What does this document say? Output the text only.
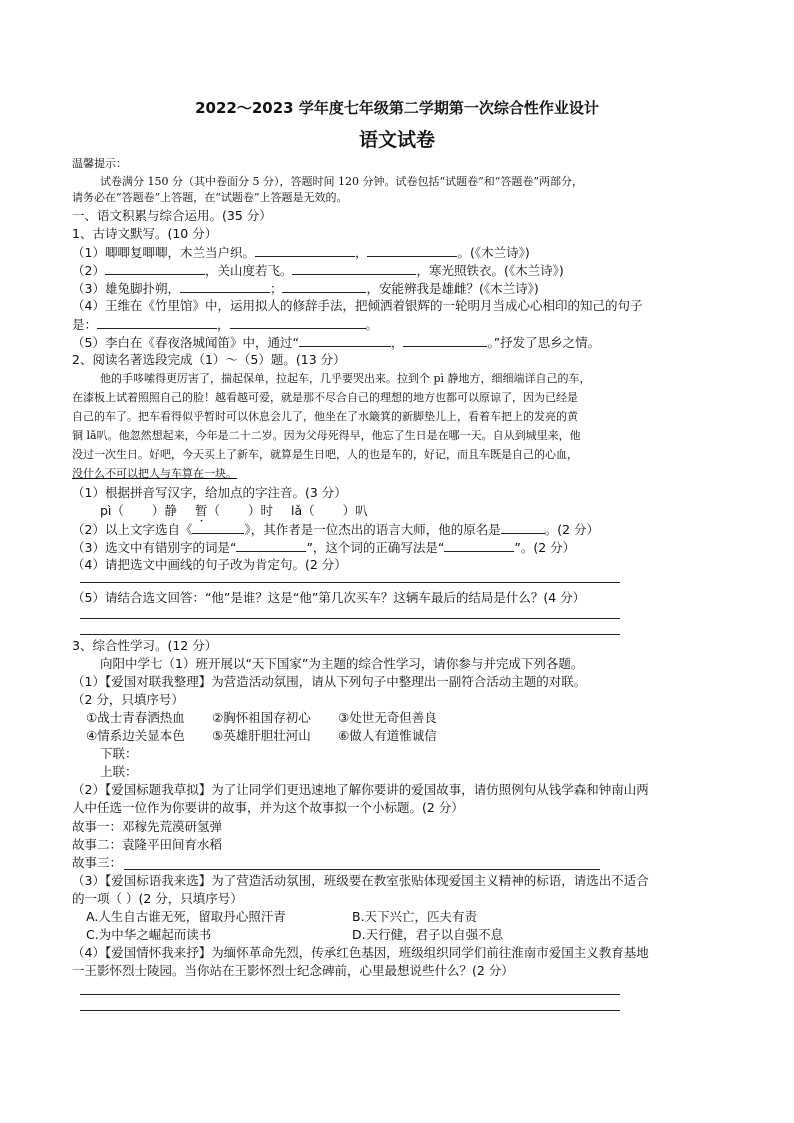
2022～2023 学年度七年级第二学期第一次综合性作业设计
语文试卷
温馨提示：
试卷满分 150 分（其中卷面分 5 分），答题时间 120 分钟。试卷包括“试题卷”和“答题卷”两部分，
请务必在“答题卷”上答题，在“试题卷”上答题是无效的。
一、语文积累与综合运用。(35 分）
1、古诗文默写。(10 分）
（1）唧唧复唧唧，木兰当户织。	，	。(《木兰诗》)
（2）	，关山度若飞。	，寒光照铁衣。(《木兰诗》)
（3）雄兔脚扑朔，	；	，安能辨我是雄雌？(《木兰诗》)
（4）王维在《竹里馆》中，运用拟人的修辞手法，把倾洒着银辉的一轮明月当成心心相印的知己的句子
是：	，	。
（5）李白在《春夜洛城闻笛》中，通过“	，	。”抒发了思乡之情。
2、阅读名著选段完成（1）～（5）题。(13 分）
他的手哆嗦得更厉害了，揣起保单，拉起车，几乎要哭出来。拉到个 pì 静地方，细细端详自己的车，
在漆板上试着照照自己的脸！越看越可爱，就是那不尽合自己的理想的地方也都可以原谅了，因为已经是
自己的车了。把车看得似乎暂时可以休息会儿了，他坐在了水簸箕的新脚垫儿上，看着车把上的发亮的黄
铜 lǎ叭。他忽然想起来，今年是二十二岁。因为父母死得早，他忘了生日是在哪一天。自从到城里来，他
没过一次生日。好吧，今天买上了新车，就算是生日吧，人的也是车的，好记，而且车既是自己的心血，
没什么不可以把人与车算在一块。
（1）根据拼音写汉字，给加点的字注音。(3 分）
pì（ ）静 暂（ ）时 lǎ（ ）叭
（2）以上文字选自《	》，其作者是一位杰出的语言大师，他的原名是	。(2 分）
（3）选文中有错别字的词是“	”，这个词的正确写法是“	”。(2 分）
（4）请把选文中画线的句子改为肯定句。(2 分）
（5）请结合选文回答：“他”是谁？这是“他”第几次买车？这辆车最后的结局是什么？(4 分）
3、综合性学习。(12 分）
向阳中学七（1）班开展以“天下国家”为主题的综合性学习，请你参与并完成下列各题。
（1）【爱国对联我整理】为营造活动氛围，请从下列句子中整理出一副符合活动主题的对联。
（2 分，只填序号）
①战士青春洒热血 ②胸怀祖国存初心 ③处世无奇但善良
④情系边关显本色 ⑤英雄肝胆壮河山 ⑥做人有道惟诚信
下联：
上联：
（2）【爱国标题我草拟】为了让同学们更迅速地了解你要讲的爱国故事，请仿照例句从钱学森和钟南山两
人中任选一位作为你要讲的故事，并为这个故事拟一个小标题。(2 分）
故事一：邓稼先荒漠研氢弹
故事二：袁隆平田间育水稻
故事三：
（3）【爱国标语我来选】为了营造活动氛围，班级要在教室张贴体现爱国主义精神的标语，请选出不适合
的一项（ ）(2 分，只填序号）
A.人生自古谁无死，留取丹心照汗青	B.天下兴亡，匹夫有责
C.为中华之崛起而读书	D.天行健，君子以自强不息
（4）【爱国情怀我来抒】为缅怀革命先烈，传承红色基因，班级组织同学们前往淮南市爱国主义教育基地
一王影怀烈士陵园。当你站在王影怀烈士纪念碑前，心里最想说些什么？(2 分）
